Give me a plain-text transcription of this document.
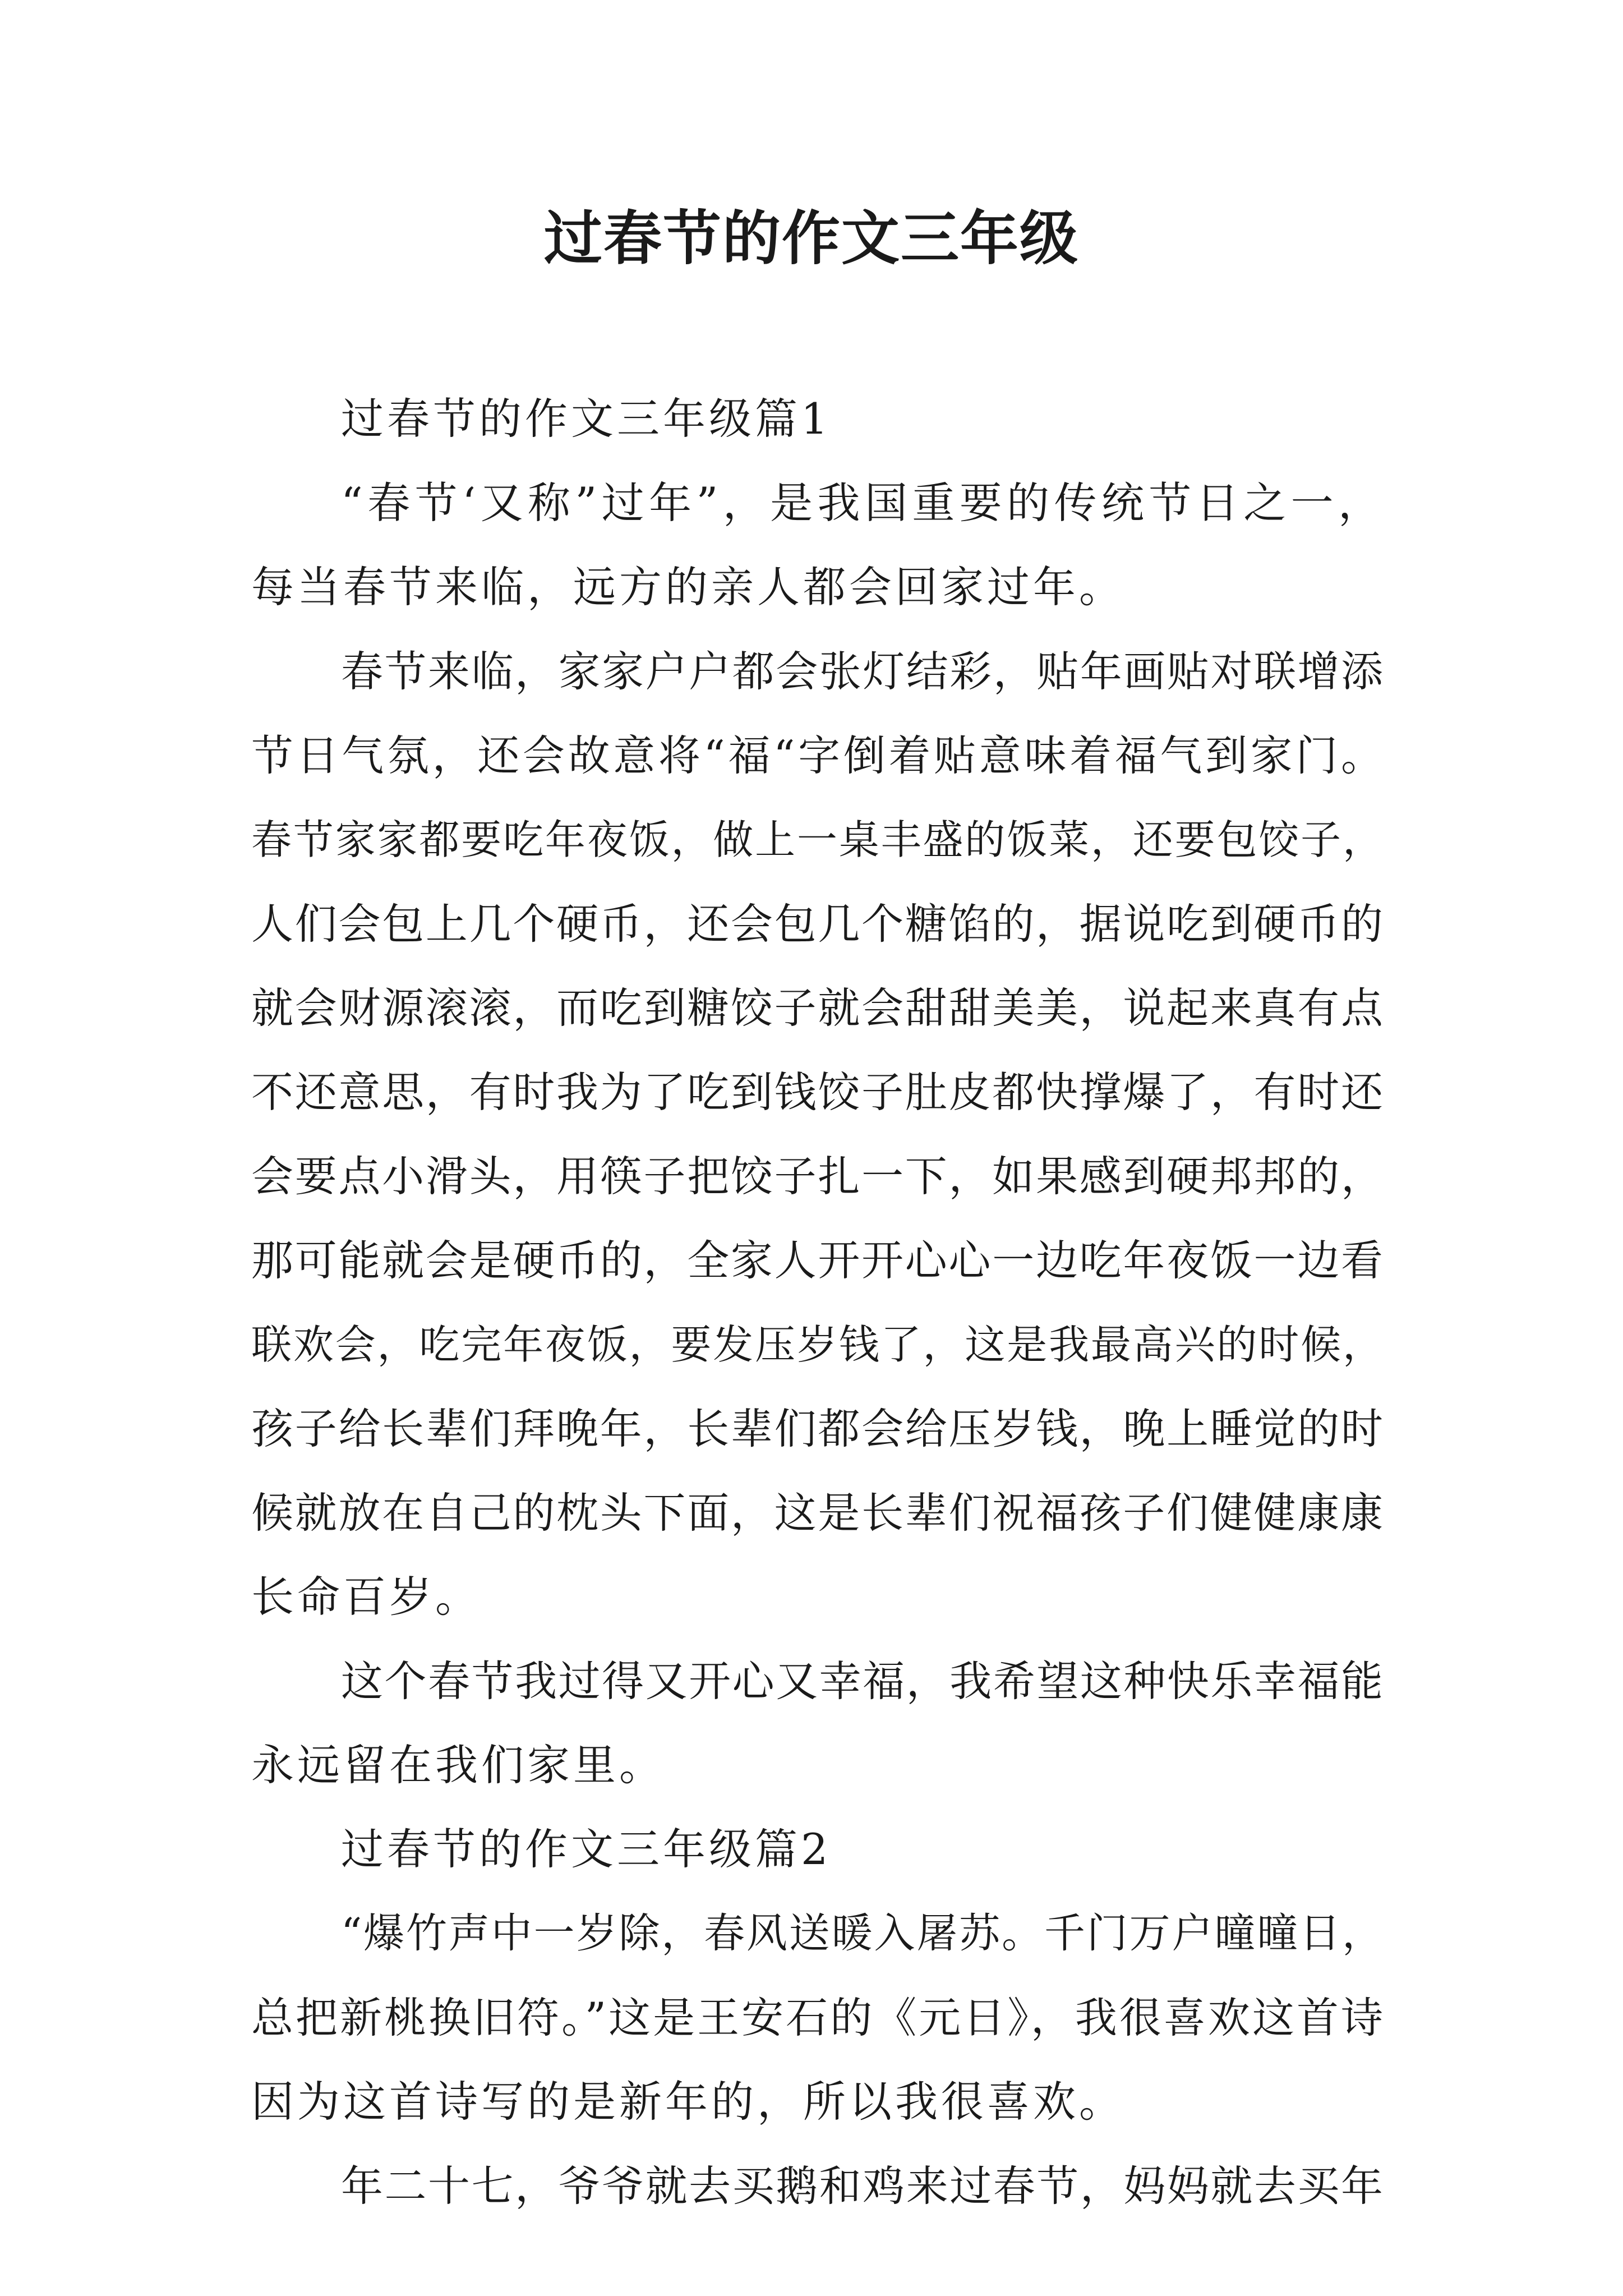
过春节的作文三年级
过春节的作文三年级篇1
“春节‘又称”过年”，是我国重要的传统节日之一，
每当春节来临，远方的亲人都会回家过年。
春节来临，家家户户都会张灯结彩，贴年画贴对联增添
节日气氛，还会故意将“福“字倒着贴意味着福气到家门。
春节家家都要吃年夜饭，做上一桌丰盛的饭菜，还要包饺子，
人们会包上几个硬币，还会包几个糖馅的，据说吃到硬币的
就会财源滚滚，而吃到糖饺子就会甜甜美美，说起来真有点
不还意思，有时我为了吃到钱饺子肚皮都快撑爆了，有时还
会要点小滑头，用筷子把饺子扎一下，如果感到硬邦邦的，
那可能就会是硬币的，全家人开开心心一边吃年夜饭一边看
联欢会，吃完年夜饭，要发压岁钱了，这是我最高兴的时候，
孩子给长辈们拜晚年，长辈们都会给压岁钱，晚上睡觉的时
候就放在自己的枕头下面，这是长辈们祝福孩子们健健康康
长命百岁。
这个春节我过得又开心又幸福，我希望这种快乐幸福能
永远留在我们家里。
过春节的作文三年级篇2
“爆竹声中一岁除，春风送暖入屠苏。千门万户曈曈日，
总把新桃换旧符。”这是王安石的《元日》，我很喜欢这首诗
因为这首诗写的是新年的，所以我很喜欢。
年二十七，爷爷就去买鹅和鸡来过春节，妈妈就去买年
